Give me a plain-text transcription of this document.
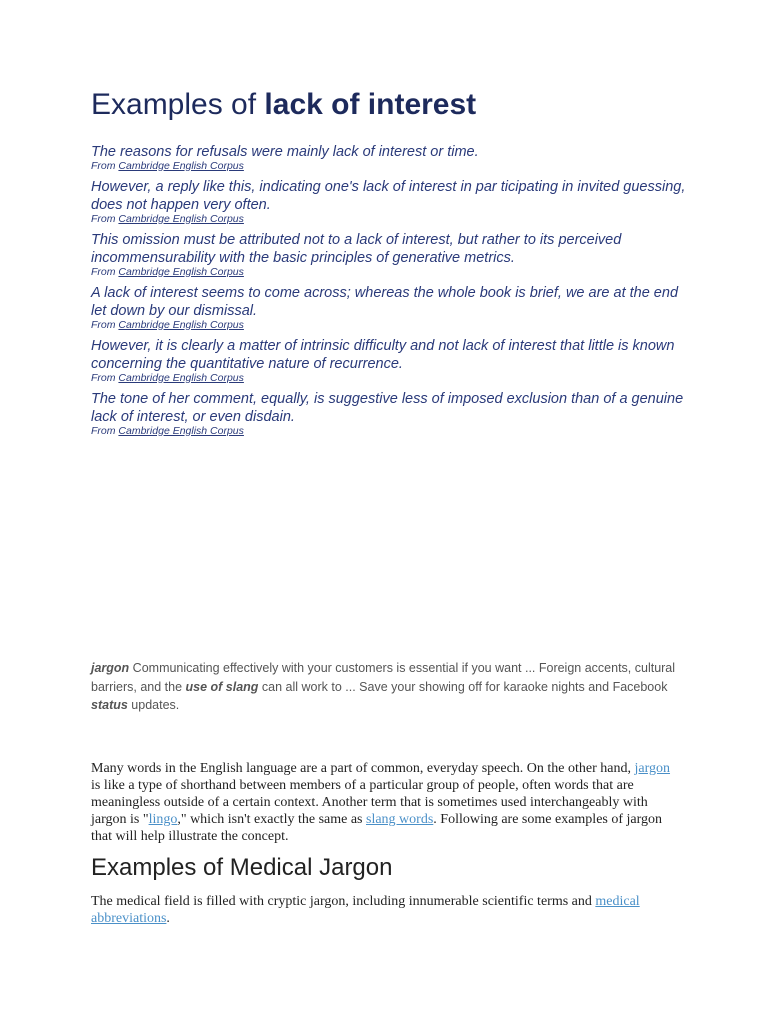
Examples of lack of interest
The reasons for refusals were mainly lack of interest or time.
From Cambridge English Corpus
However, a reply like this, indicating one's lack of interest in par ticipating in invited guessing, does not happen very often.
From Cambridge English Corpus
This omission must be attributed not to a lack of interest, but rather to its perceived incommensurability with the basic principles of generative metrics.
From Cambridge English Corpus
A lack of interest seems to come across; whereas the whole book is brief, we are at the end let down by our dismissal.
From Cambridge English Corpus
However, it is clearly a matter of intrinsic difficulty and not lack of interest that little is known concerning the quantitative nature of recurrence.
From Cambridge English Corpus
The tone of her comment, equally, is suggestive less of imposed exclusion than of a genuine lack of interest, or even disdain.
From Cambridge English Corpus
jargon Communicating effectively with your customers is essential if you want ... Foreign accents, cultural barriers, and the use of slang can all work to ... Save your showing off for karaoke nights and Facebook status updates.
Many words in the English language are a part of common, everyday speech. On the other hand, jargon is like a type of shorthand between members of a particular group of people, often words that are meaningless outside of a certain context. Another term that is sometimes used interchangeably with jargon is "lingo," which isn't exactly the same as slang words. Following are some examples of jargon that will help illustrate the concept.
Examples of Medical Jargon
The medical field is filled with cryptic jargon, including innumerable scientific terms and medical abbreviations.
